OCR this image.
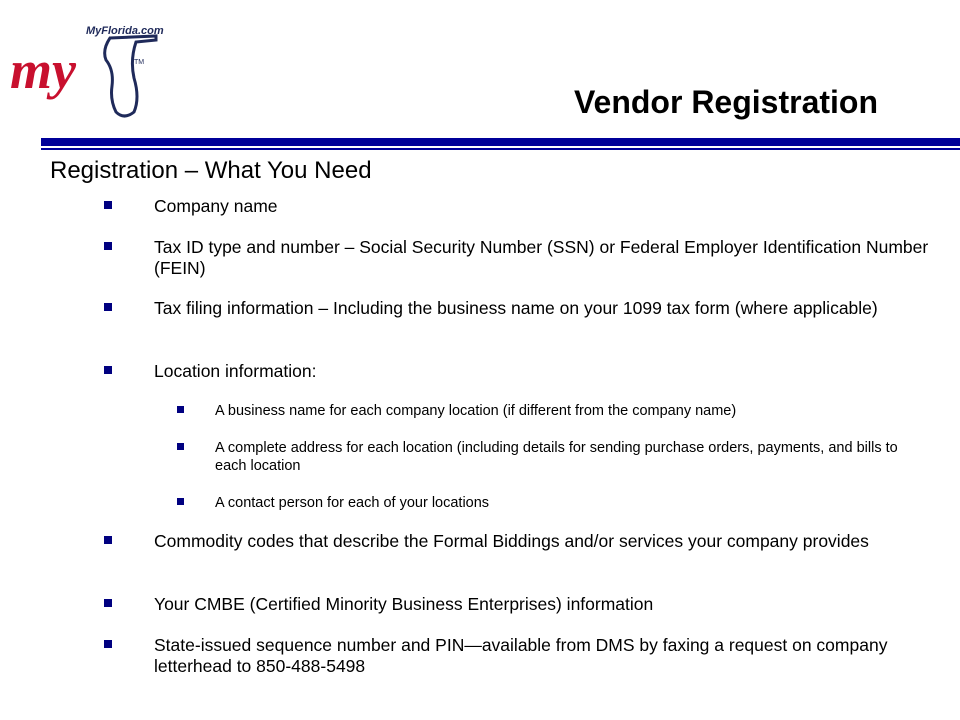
MyFlorida.com
my	TM
Vendor Registration
Registration – What You Need
Company name
Tax ID type and number – Social Security Number (SSN) or Federal Employer Identification Number (FEIN)
Tax filing information – Including the business name on your 1099 tax form (where applicable)
Location information:
A business name for each company location (if different from the company name)
A complete address for each location (including details for sending purchase orders, payments, and bills to each location
A contact person for each of your locations
Commodity codes that describe the Formal Biddings and/or services your company provides
Your CMBE (Certified Minority Business Enterprises) information
State-issued sequence number and PIN—available from DMS by faxing a request on company letterhead to 850-488-5498
